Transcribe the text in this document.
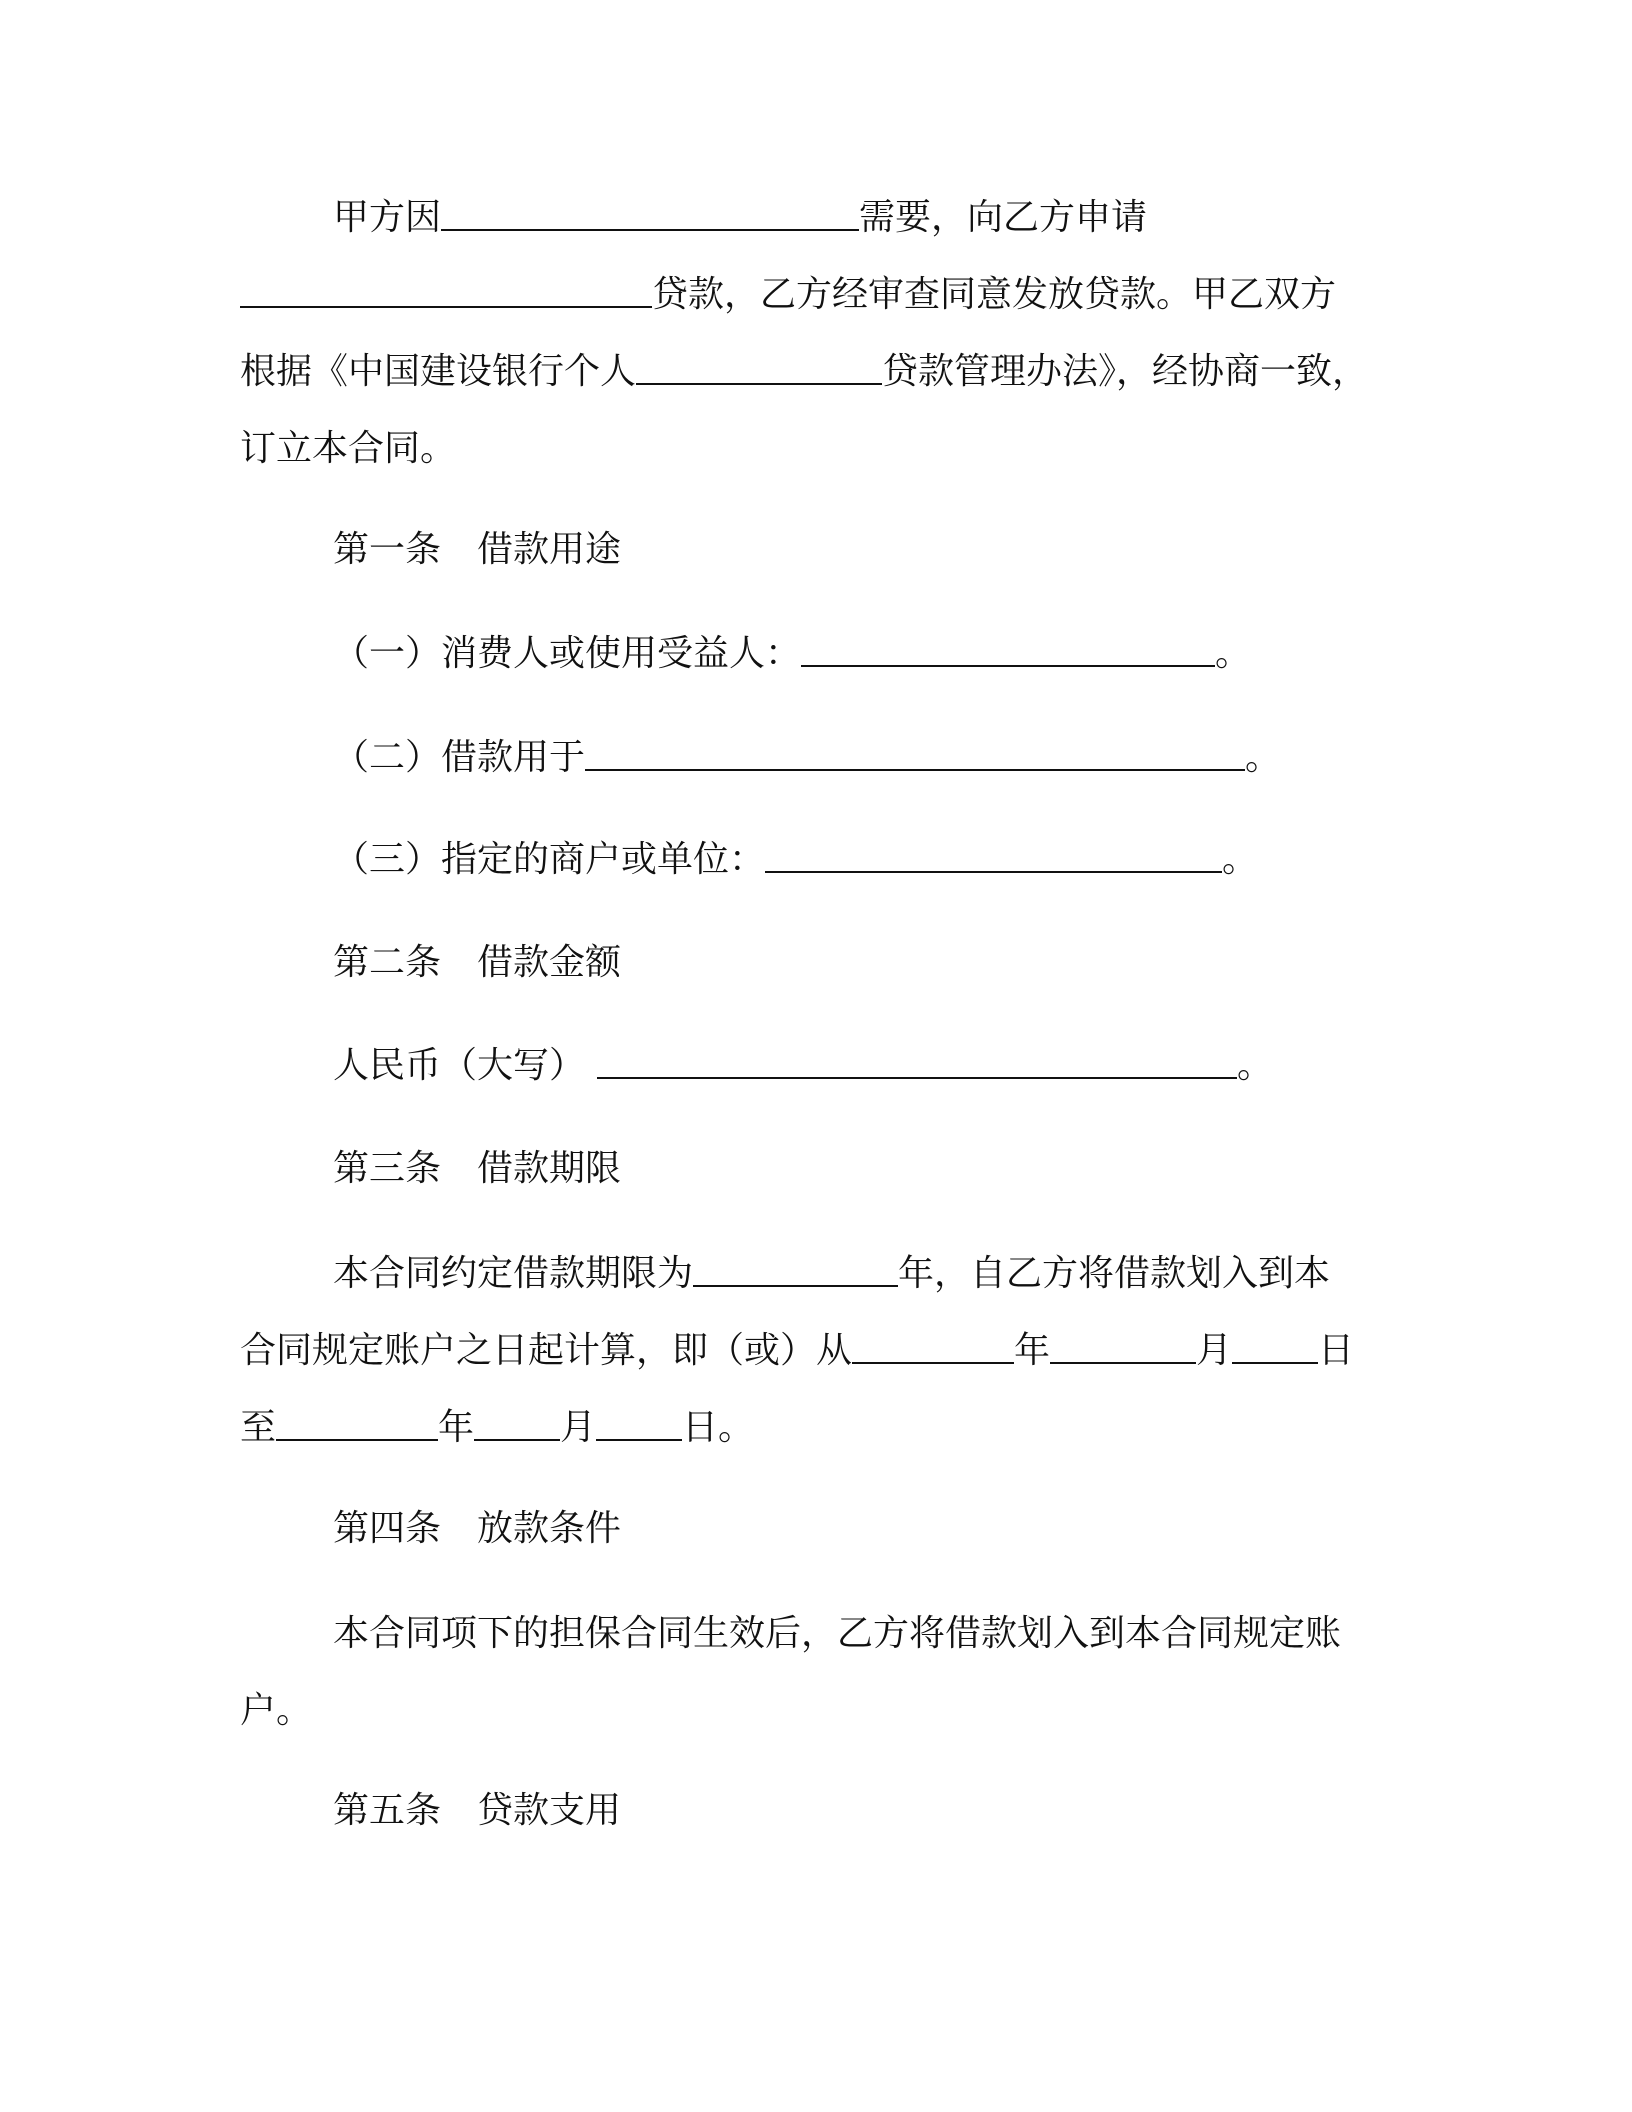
甲方因	需要，向乙方申请
贷款，乙方经审查同意发放贷款。甲乙双方
根据《中国建设银行个人	贷款管理办法》，经协商一致，
订立本合同。
第一条　借款用途
（一）消费人或使用受益人：	。
（二）借款用于	。
（三）指定的商户或单位：	。
第二条　借款金额
人民币（大写）	。
第三条　借款期限
本合同约定借款期限为	年，自乙方将借款划入到本
合同规定账户之日起计算，即（或）从	年	月 日
至	年 月 日。
第四条　放款条件
本合同项下的担保合同生效后，乙方将借款划入到本合同规定账
户。
第五条　贷款支用
